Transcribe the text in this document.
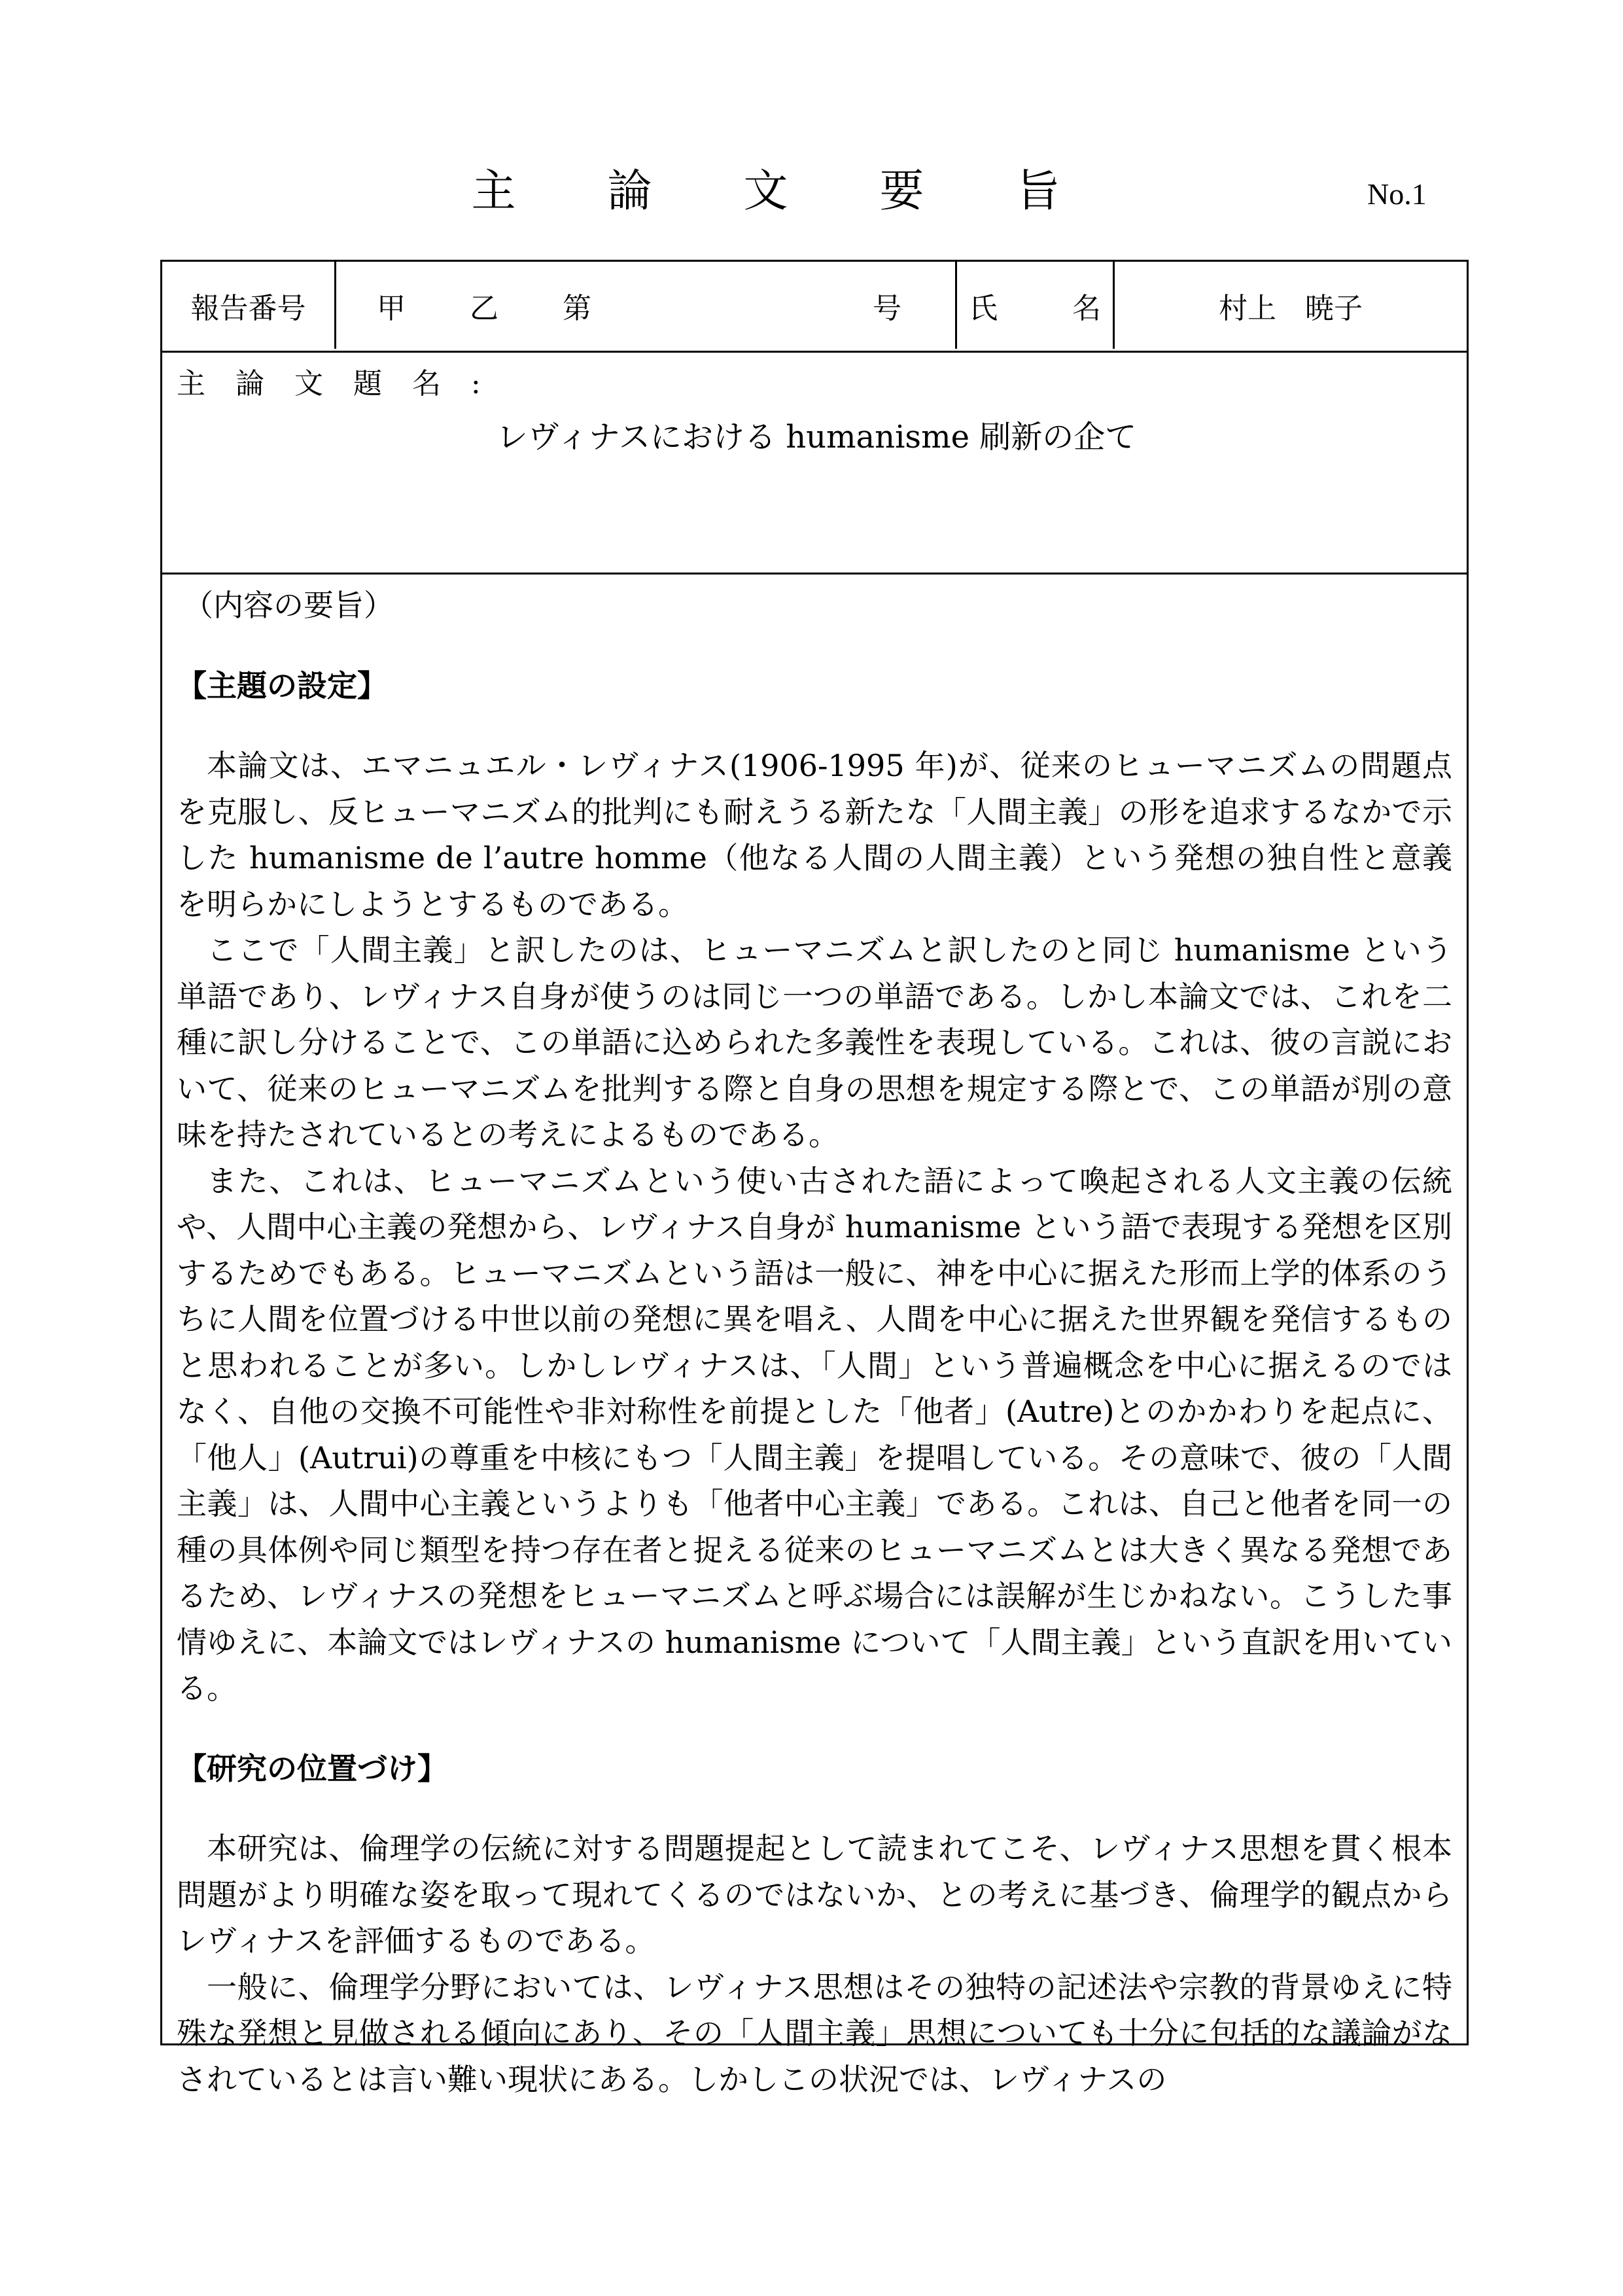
主論文要旨	No.1
報告番号 甲 乙 第	号 氏 名	村上　暁子
主 論 文 題 名 :
レヴィナスにおける humanisme 刷新の企て

（内容の要旨）

【主題の設定】

本論文は、エマニュエル・レヴィナス(1906-1995 年)が、従来のヒューマニズムの問題点を克服し、反ヒューマニズム的批判にも耐えうる新たな「人間主義」の形を追求するなかで示した humanisme de l’autre homme（他なる人間の人間主義）という発想の独自性と意義を明らかにしようとするものである。

ここで「人間主義」と訳したのは、ヒューマニズムと訳したのと同じ humanisme という単語であり、レヴィナス自身が使うのは同じ一つの単語である。しかし本論文では、これを二種に訳し分けることで、この単語に込められた多義性を表現している。これは、彼の言説において、従来のヒューマニズムを批判する際と自身の思想を規定する際とで、この単語が別の意味を持たされているとの考えによるものである。

また、これは、ヒューマニズムという使い古された語によって喚起される人文主義の伝統や、人間中心主義の発想から、レヴィナス自身が humanisme という語で表現する発想を区別するためでもある。ヒューマニズムという語は一般に、神を中心に据えた形而上学的体系のうちに人間を位置づける中世以前の発想に異を唱え、人間を中心に据えた世界観を発信するものと思われることが多い。しかしレヴィナスは、「人間」という普遍概念を中心に据えるのではなく、自他の交換不可能性や非対称性を前提とした「他者」(Autre)とのかかわりを起点に、「他人」(Autrui)の尊重を中核にもつ「人間主義」を提唱している。その意味で、彼の「人間主義」は、人間中心主義というよりも「他者中心主義」である。これは、自己と他者を同一の種の具体例や同じ類型を持つ存在者と捉える従来のヒューマニズムとは大きく異なる発想であるため、レヴィナスの発想をヒューマニズムと呼ぶ場合には誤解が生じかねない。こうした事情ゆえに、本論文ではレヴィナスの humanisme について「人間主義」という直訳を用いている。

【研究の位置づけ】

本研究は、倫理学の伝統に対する問題提起として読まれてこそ、レヴィナス思想を貫く根本問題がより明確な姿を取って現れてくるのではないか、との考えに基づき、倫理学的観点からレヴィナスを評価するものである。

一般に、倫理学分野においては、レヴィナス思想はその独特の記述法や宗教的背景ゆえに特殊な発想と見做される傾向にあり、その「人間主義」思想についても十分に包括的な議論がなされているとは言い難い現状にある。しかしこの状況では、レヴィナスの
